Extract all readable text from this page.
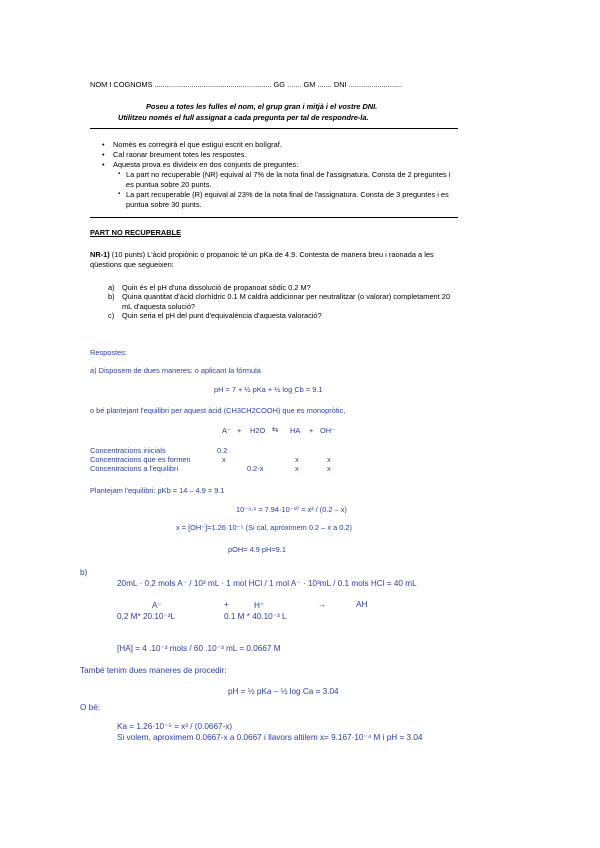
NOM I COGNOMS ......................................................... GG ....... GM ....... DNI ..........................
Poseu a totes les fulles el nom, el grup gran i mitjà i el vostre DNI.
Utilitzeu només el full assignat a cada pregunta per tal de respondre-la.
• Només es corregirà el que estigui escrit en bolígraf.
• Cal raonar breument totes les respostes.
• Aquesta prova es divideix en dos conjunts de preguntes:
▪ La part no recuperable (NR) equival al 7% de la nota final de l'assignatura. Consta de 2 preguntes i es puntua sobre 20 punts.
▪ La part recuperable (R) equival al 23% de la nota final de l'assignatura. Consta de 3 preguntes i es puntua sobre 30 punts.
PART NO RECUPERABLE
NR-1) (10 punts) L'àcid propiònic o propanoic té un pKa de 4.9. Contesta de manera breu i raonada a les qüestions que segueixen:
a) Quin és el pH d'una dissolució de propanoat sòdic 0.2 M?
b) Quina quantitat d'àcid clorhídric 0.1 M caldrà addicionar per neutralitzar (o valorar) completament 20 mL d'aquesta solució?
c) Quin seria el pH del punt d'equivalència d'aquesta valoració?
Respostes:
a) Disposem de dues maneres: o aplicant la fórmula
pH = 7 + ½ pKa + ½ log Cb = 9.1
o bé plantejant l'equilibri per aquest àcid (CH3CH2COOH) que es monopròtic,
A⁻ + H2O ⇆ HA + OH⁻
Concentracions inicials	0.2
Concentracions que es formen	x	x	x
Concentracions a l'equilibri	0.2-x	x	x
Plantejam l'equilibri: pKb = 14 – 4.9 = 9.1
10⁻⁹·¹ = 7.94·10⁻¹⁰ = x² / (0.2 – x)
x = [OH⁻]=1.26·10⁻⁵ (Si cal, aproximem 0.2 – x a 0.2)
pOH= 4.9 pH=9.1
b)
20mL · 0.2 mols A⁻ / 10³ mL · 1 mol HCl / 1 mol A⁻ · 10³mL / 0.1 mols HCl = 40 mL
A⁻	+	H⁺	→	AH
0,2 M* 20.10⁻³L	0.1 M * 40.10⁻³ L
[HA] = 4 .10⁻³ mols / 60 .10⁻³ mL = 0.0667 M
També tenim dues maneres de procedir:
pH = ½ pKa – ½ log Ca = 3.04
O bé:
Ka = 1.26·10⁻⁵ = x² / (0.0667-x)
Si volem, aproximem 0.0667-x a 0.0667 i llavors altilem x= 9.167·10⁻⁴ M i pH = 3.04
